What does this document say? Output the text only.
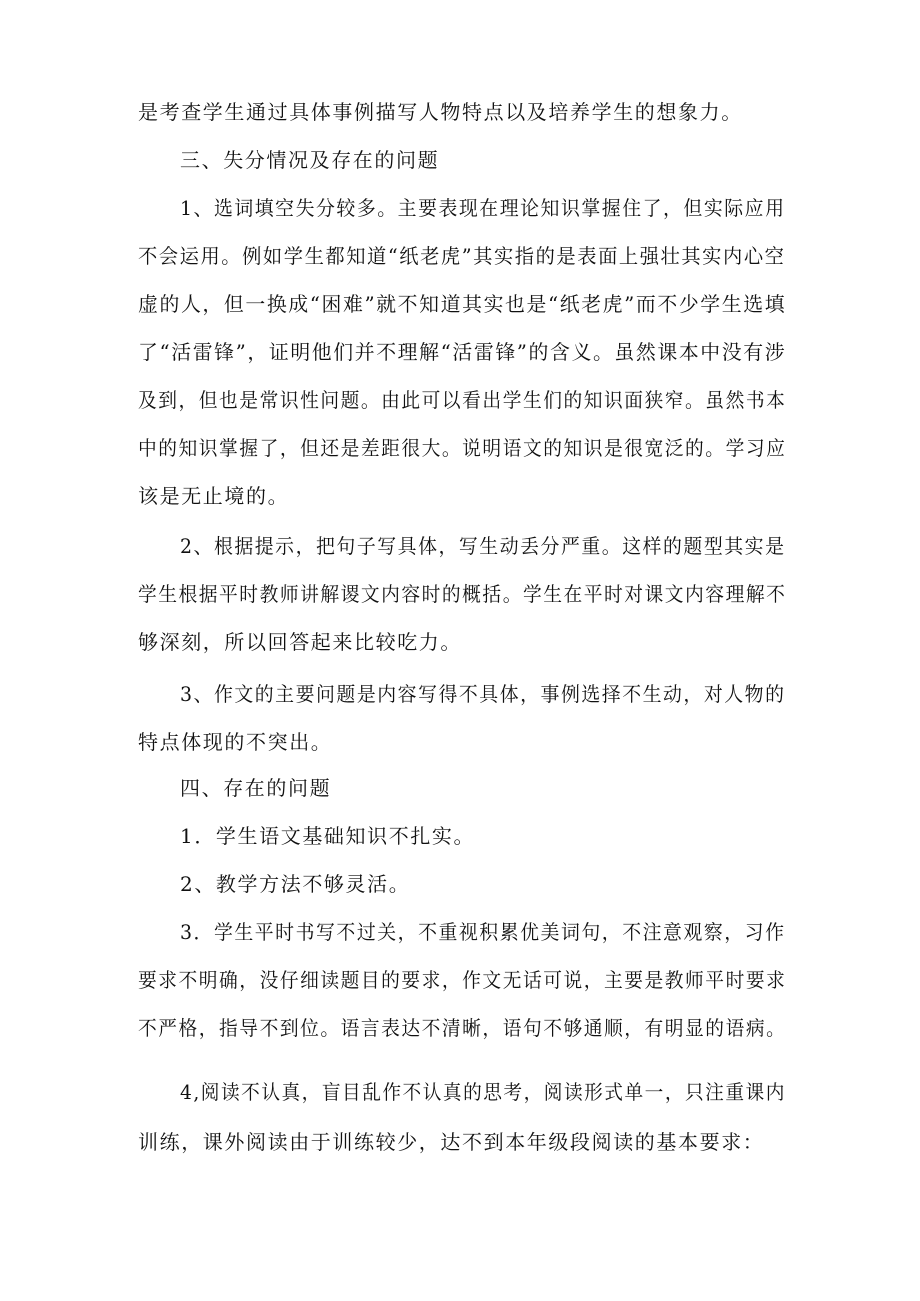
是考查学生通过具体事例描写人物特点以及培养学生的想象力。
三、失分情况及存在的问题
1、选词填空失分较多。主要表现在理论知识掌握住了，但实际应用
不会运用。例如学生都知道“纸老虎”其实指的是表面上强壮其实内心空
虚的人，但一换成“困难”就不知道其实也是“纸老虎”而不少学生选填
了“活雷锋”，证明他们并不理解“活雷锋”的含义。虽然课本中没有涉
及到，但也是常识性问题。由此可以看出学生们的知识面狭窄。虽然书本
中的知识掌握了，但还是差距很大。说明语文的知识是很宽泛的。学习应
该是无止境的。
2、根据提示，把句子写具体，写生动丢分严重。这样的题型其实是
学生根据平时教师讲解谡文内容时的概括。学生在平时对课文内容理解不
够深刻，所以回答起来比较吃力。
3、作文的主要问题是内容写得不具体，事例选择不生动，对人物的
特点体现的不突出。
四、存在的问题
1．学生语文基础知识不扎实。
2、教学方法不够灵活。
3．学生平时书写不过关，不重视积累优美词句，不注意观察，习作
要求不明确，没仔细读题目的要求，作文无话可说，主要是教师平时要求
不严格，指导不到位。语言表达不清晰，语句不够通顺，有明显的语病。
4,阅读不认真，盲目乱作不认真的思考，阅读形式单一，只注重课内
训练，课外阅读由于训练较少，达不到本年级段阅读的基本要求：
